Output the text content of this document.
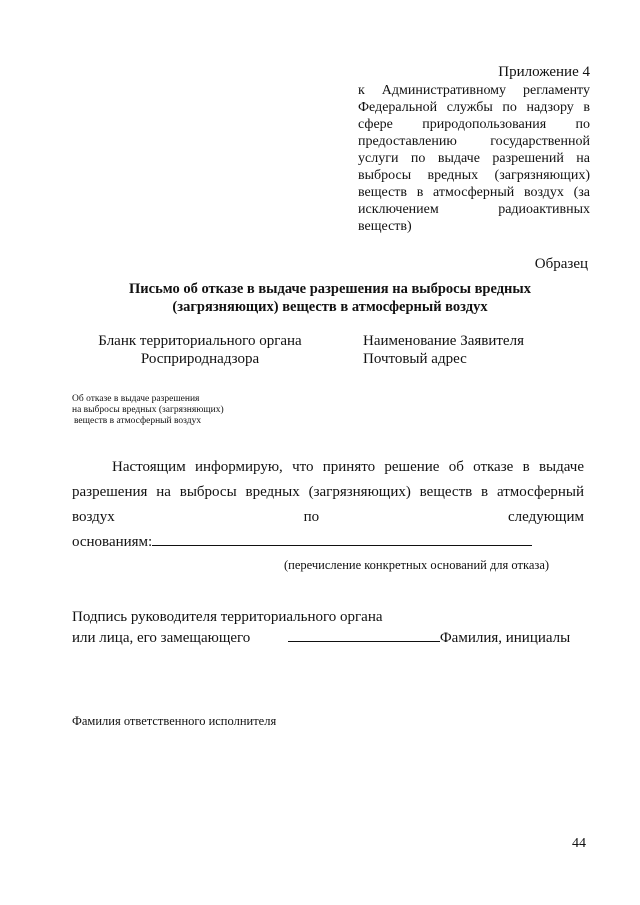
Приложение 4
к Административному регламенту
Федеральной службы по надзору в
сфере природопользования по
предоставлению государственной
услуги по выдаче разрешений на
выбросы вредных (загрязняющих)
веществ в атмосферный воздух (за
исключением радиоактивных
веществ)
Образец
Письмо об отказе в выдаче разрешения на выбросы вредных
(загрязняющих) веществ в атмосферный воздух
Бланк территориального органа
Росприроднадзора
Наименование Заявителя
Почтовый адрес
Об отказе в выдаче разрешения
на выбросы вредных (загрязняющих)
веществ в атмосферный воздух
Настоящим информирую, что принято решение об отказе в выдаче
разрешения на выбросы вредных (загрязняющих) веществ в атмосферный
воздух по следующим
основаниям:
(перечисление конкретных оснований для отказа)
Подпись руководителя территориального органа
или лица, его замещающего	Фамилия, инициалы
Фамилия ответственного исполнителя
44
